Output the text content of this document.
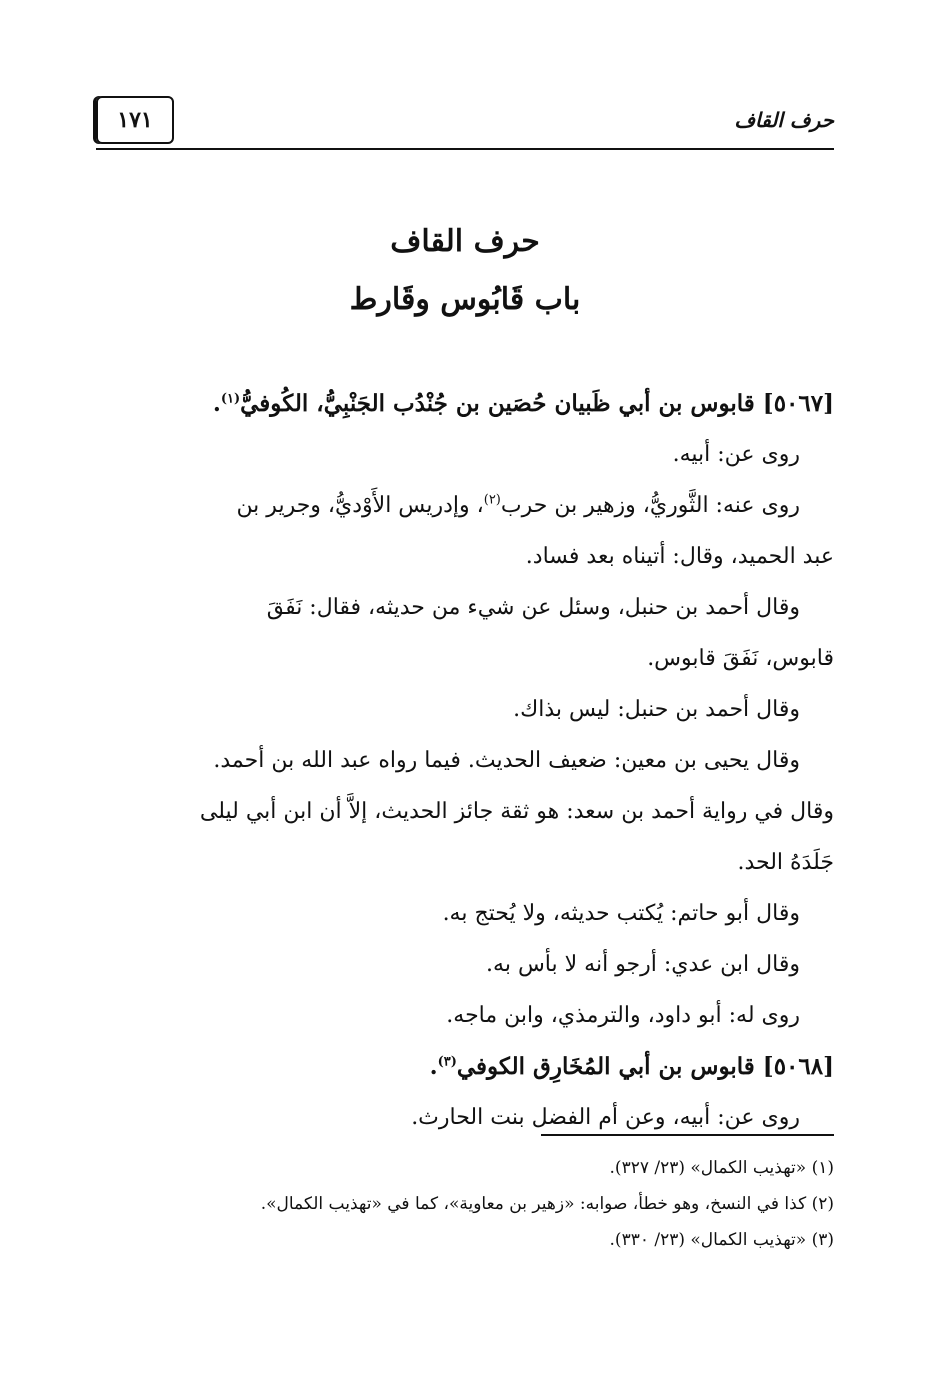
١٧١	حرف القاف
حرف القاف
باب قَابُوس وقَارط
[٥٠٦٧] قابوس بن أبي ظَبيان حُصَين بن جُنْدُب الجَنْبِيُّ، الكُوفيُّ$^{(١)}$.
روى عن: أبيه.
روى عنه: الثَّوريُّ، وزهير بن حرب$^{(٢)}$، وإدريس الأَوْديُّ، وجرير بن
عبد الحميد، وقال: أتيناه بعد فساد.
وقال أحمد بن حنبل، وسئل عن شيء من حديثه، فقال: نَفَقَ
قابوس، نَفَقَ قابوس.
وقال أحمد بن حنبل: ليس بذاك.
وقال يحيى بن معين: ضعيف الحديث. فيما رواه عبد الله بن أحمد.
وقال في رواية أحمد بن سعد: هو ثقة جائز الحديث، إلاَّ أن ابن أبي ليلى
جَلَدَهُ الحد.
وقال أبو حاتم: يُكتب حديثه، ولا يُحتج به.
وقال ابن عدي: أرجو أنه لا بأس به.
روى له: أبو داود، والترمذي، وابن ماجه.
[٥٠٦٨] قابوس بن أبي المُخَارِق الكوفي$^{(٣)}$.
روى عن: أبيه، وعن أم الفضل بنت الحارث.
(١) «تهذيب الكمال» (٢٣/ ٣٢٧).
(٢) كذا في النسخ، وهو خطأ، صوابه: «زهير بن معاوية»، كما في «تهذيب الكمال».
(٣) «تهذيب الكمال» (٢٣/ ٣٣٠).
